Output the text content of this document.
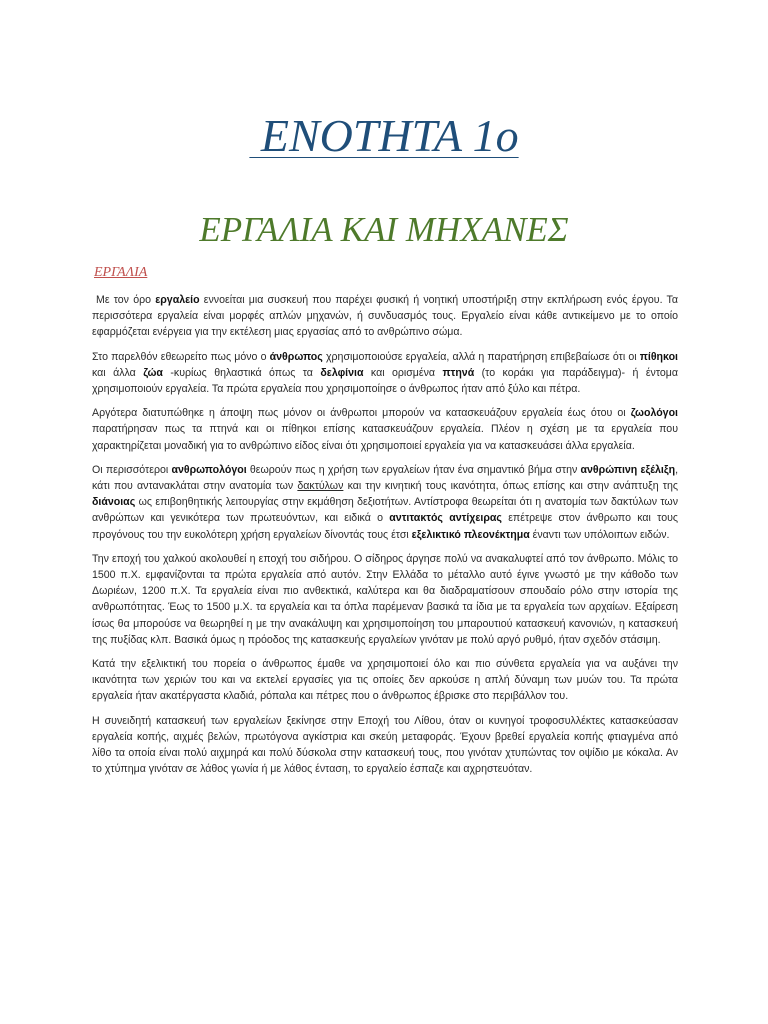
ΕΝΟΤΗΤΑ 1ο
ΕΡΓΑΛΙΑ ΚΑΙ ΜΗΧΑΝΕΣ
ΕΡΓΑΛΙΑ

Με τον όρο εργαλείο εννοείται μια συσκευή που παρέχει φυσική ή νοητική υποστήριξη στην εκπλήρωση ενός έργου. Τα περισσότερα εργαλεία είναι μορφές απλών μηχανών, ή συνδυασμός τους. Εργαλείο είναι κάθε αντικείμενο με το οποίο εφαρμόζεται ενέργεια για την εκτέλεση μιας εργασίας από το ανθρώπινο σώμα.

Στο παρελθόν εθεωρείτο πως μόνο ο άνθρωπος χρησιμοποιούσε εργαλεία, αλλά η παρατήρηση επιβεβαίωσε ότι οι πίθηκοι και άλλα ζώα -κυρίως θηλαστικά όπως τα δελφίνια και ορισμένα πτηνά (το κοράκι για παράδειγμα)- ή έντομα χρησιμοποιούν εργαλεία. Τα πρώτα εργαλεία που χρησιμοποίησε ο άνθρωπος ήταν από ξύλο και πέτρα.

Αργότερα διατυπώθηκε η άποψη πως μόνον οι άνθρωποι μπορούν να κατασκευάζουν εργαλεία έως ότου οι ζωολόγοι παρατήρησαν πως τα πτηνά και οι πίθηκοι επίσης κατασκευάζουν εργαλεία. Πλέον η σχέση με τα εργαλεία που χαρακτηρίζεται μοναδική για το ανθρώπινο είδος είναι ότι χρησιμοποιεί εργαλεία για να κατασκευάσει άλλα εργαλεία.

Οι περισσότεροι ανθρωπολόγοι θεωρούν πως η χρήση των εργαλείων ήταν ένα σημαντικό βήμα στην ανθρώπινη εξέλιξη, κάτι που αντανακλάται στην ανατομία των δακτύλων και την κινητική τους ικανότητα, όπως επίσης και στην ανάπτυξη της διάνοιας ως επιβοηθητικής λειτουργίας στην εκμάθηση δεξιοτήτων. Αντίστροφα θεωρείται ότι η ανατομία των δακτύλων των ανθρώπων και γενικότερα των πρωτευόντων, και ειδικά ο αντιτακτός αντίχειρας επέτρεψε στον άνθρωπο και τους προγόνους του την ευκολότερη χρήση εργαλείων δίνοντάς τους έτσι εξελικτικό πλεονέκτημα έναντι των υπόλοιπων ειδών.

Την εποχή του χαλκού ακολουθεί η εποχή του σιδήρου. Ο σίδηρος άργησε πολύ να ανακαλυφτεί από τον άνθρωπο. Μόλις το 1500 π.Χ. εμφανίζονται τα πρώτα εργαλεία από αυτόν. Στην Ελλάδα το μέταλλο αυτό έγινε γνωστό με την κάθοδο των Δωριέων, 1200 π.Χ. Τα εργαλεία είναι πιο ανθεκτικά, καλύτερα και θα διαδραματίσουν σπουδαίο ρόλο στην ιστορία της ανθρωπότητας. Έως το 1500 μ.Χ. τα εργαλεία και τα όπλα παρέμεναν βασικά τα ίδια με τα εργαλεία των αρχαίων. Εξαίρεση ίσως θα μπορούσε να θεωρηθεί η με την ανακάλυψη και χρησιμοποίηση του μπαρουτιού κατασκευή κανονιών, η κατασκευή της πυξίδας κλπ. Βασικά όμως η πρόοδος της κατασκευής εργαλείων γινόταν με πολύ αργό ρυθμό, ήταν σχεδόν στάσιμη.

Κατά την εξελικτική του πορεία ο άνθρωπος έμαθε να χρησιμοποιεί όλο και πιο σύνθετα εργαλεία για να αυξάνει την ικανότητα των χεριών του και να εκτελεί εργασίες για τις οποίες δεν αρκούσε η απλή δύναμη των μυών του. Τα πρώτα εργαλεία ήταν ακατέργαστα κλαδιά, ρόπαλα και πέτρες που ο άνθρωπος έβρισκε στο περιβάλλον του.

Η συνειδητή κατασκευή των εργαλείων ξεκίνησε στην Εποχή του Λίθου, όταν οι κυνηγοί τροφοσυλλέκτες κατασκεύασαν εργαλεία κοπής, αιχμές βελών, πρωτόγονα αγκίστρια και σκεύη μεταφοράς. Έχουν βρεθεί εργαλεία κοπής φτιαγμένα από λίθο τα οποία είναι πολύ αιχμηρά και πολύ δύσκολα στην κατασκευή τους, που γινόταν χτυπώντας τον οψίδιο με κόκαλα. Αν το χτύπημα γινόταν σε λάθος γωνία ή με λάθος ένταση, το εργαλείο έσπαζε και αχρηστευόταν.
